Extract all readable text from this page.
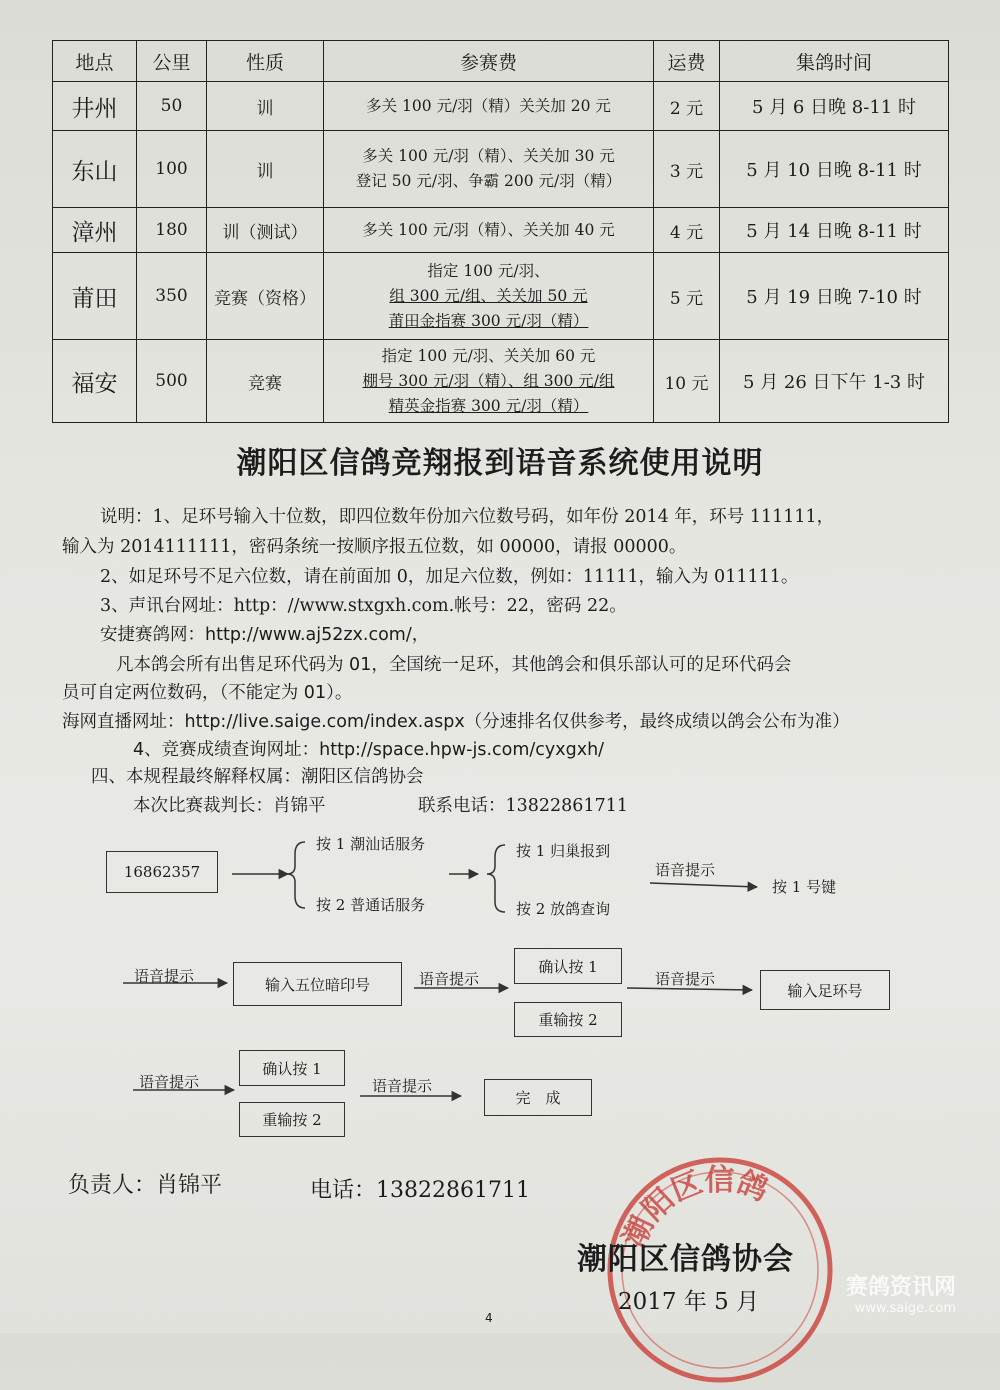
地点	公里	性质	参赛费	运费	集鸽时间
井州	50	训	多关 100 元/羽（精）关关加 20 元	2 元	5 月 6 日晚 8-11 时
东山	100	训	多关 100 元/羽（精）、关关加 30 元
登记 50 元/羽、争霸 200 元/羽（精）	3 元	5 月 10 日晚 8-11 时
漳州	180	训（测试）	多关 100 元/羽（精）、关关加 40 元	4 元	5 月 14 日晚 8-11 时
莆田	350	竞赛（资格）	指定 100 元/羽、
组 300 元/组、关关加 50 元
莆田金指赛 300 元/羽（精）	5 元	5 月 19 日晚 7-10 时
福安	500	竞赛	指定 100 元/羽、关关加 60 元
棚号 300 元/羽（精）、组 300 元/组
精英金指赛 300 元/羽（精）	10 元	5 月 26 日下午 1-3 时
潮阳区信鸽竞翔报到语音系统使用说明
说明：1、足环号输入十位数，即四位数年份加六位数号码，如年份 2014 年，环号 111111，
输入为 2014111111，密码条统一按顺序报五位数，如 00000，请报 00000。
2、如足环号不足六位数，请在前面加 0，加足六位数，例如：11111，输入为 011111。
3、声讯台网址：http：//www.stxgxh.com.帐号：22，密码 22。
安捷赛鸽网：http://www.aj52zx.com/，
凡本鸽会所有出售足环代码为 01，全国统一足环，其他鸽会和俱乐部认可的足环代码会
员可自定两位数码，（不能定为 01）。
海网直播网址：http://live.saige.com/index.aspx（分速排名仅供参考，最终成绩以鸽会公布为准）
4、竞赛成绩查询网址：http://space.hpw-js.com/cyxgxh/
四、本规程最终解释权属：潮阳区信鸽协会
本次比赛裁判长：肖锦平	联系电话：13822861711
16862357
按 1 潮汕话服务
按 2 普通话服务
按 1 归巢报到
按 2 放鸽查询
语音提示
按 1 号键
语音提示	输入五位暗印号	语音提示
确认按 1
重输按 2
语音提示
输入足环号
语音提示
确认按 1
重输按 2
语音提示
完　成
负责人：肖锦平	电话：13822861711
潮阳区信鸽
潮阳区信鸽协会
2017 年 5 月
4
赛鸽资讯网
www.saige.com
